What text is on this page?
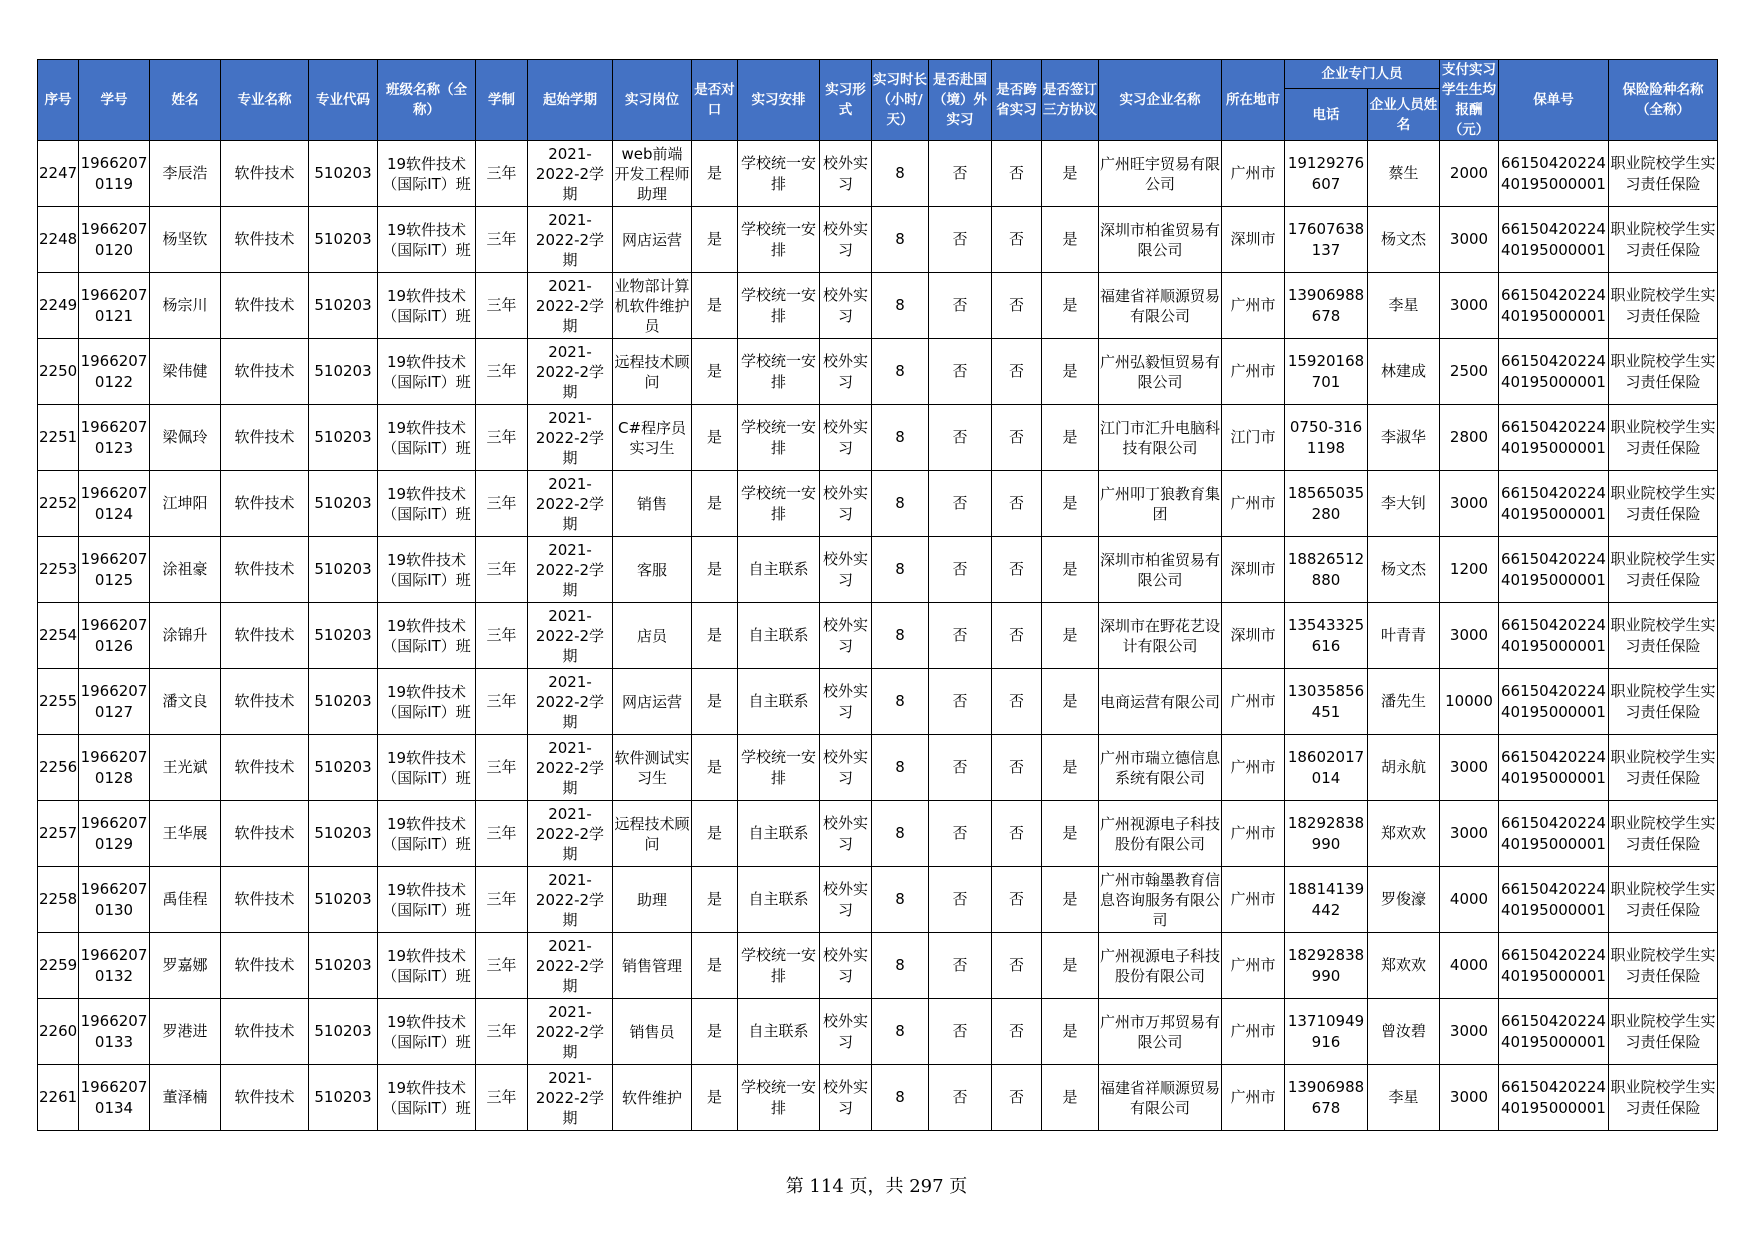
序号	学号	姓名	专业名称	专业代码	班级名称（全称）	学制	起始学期	实习岗位	是否对口	实习安排	实习形式	实习时长（小时/天）	是否赴国（境）外实习	是否跨省实习	是否签订三方协议	实习企业名称	所在地市	企业专门人员		支付实习学生生均报酬（元）	保单号	保险险种名称（全称）
																		电话	企业人员姓名			
2247	19662070119	李辰浩	软件技术	510203	19软件技术（国际IT）班	三年	2021-2022-2学期	web前端开发工程师助理	是	学校统一安排	校外实习	8	否	否	是	广州旺宇贸易有限公司	广州市	19129276607	蔡生	2000	6615042022440195000001	职业院校学生实习责任保险
2248	19662070120	杨坚钦	软件技术	510203	19软件技术（国际IT）班	三年	2021-2022-2学期	网店运营	是	学校统一安排	校外实习	8	否	否	是	深圳市柏雀贸易有限公司	深圳市	17607638137	杨文杰	3000	6615042022440195000001	职业院校学生实习责任保险
2249	19662070121	杨宗川	软件技术	510203	19软件技术（国际IT）班	三年	2021-2022-2学期	业物部计算机软件维护员	是	学校统一安排	校外实习	8	否	否	是	福建省祥顺源贸易有限公司	广州市	13906988678	李星	3000	6615042022440195000001	职业院校学生实习责任保险
2250	19662070122	梁伟健	软件技术	510203	19软件技术（国际IT）班	三年	2021-2022-2学期	远程技术顾问	是	学校统一安排	校外实习	8	否	否	是	广州弘毅恒贸易有限公司	广州市	15920168701	林建成	2500	6615042022440195000001	职业院校学生实习责任保险
2251	19662070123	梁佩玲	软件技术	510203	19软件技术（国际IT）班	三年	2021-2022-2学期	C#程序员实习生	是	学校统一安排	校外实习	8	否	否	是	江门市汇升电脑科技有限公司	江门市	0750-3161198	李淑华	2800	6615042022440195000001	职业院校学生实习责任保险
2252	19662070124	江坤阳	软件技术	510203	19软件技术（国际IT）班	三年	2021-2022-2学期	销售	是	学校统一安排	校外实习	8	否	否	是	广州叩丁狼教育集团	广州市	18565035280	李大钊	3000	6615042022440195000001	职业院校学生实习责任保险
2253	19662070125	涂祖豪	软件技术	510203	19软件技术（国际IT）班	三年	2021-2022-2学期	客服	是	自主联系	校外实习	8	否	否	是	深圳市柏雀贸易有限公司	深圳市	18826512880	杨文杰	1200	6615042022440195000001	职业院校学生实习责任保险
2254	19662070126	涂锦升	软件技术	510203	19软件技术（国际IT）班	三年	2021-2022-2学期	店员	是	自主联系	校外实习	8	否	否	是	深圳市在野花艺设计有限公司	深圳市	13543325616	叶青青	3000	6615042022440195000001	职业院校学生实习责任保险
2255	19662070127	潘文良	软件技术	510203	19软件技术（国际IT）班	三年	2021-2022-2学期	网店运营	是	自主联系	校外实习	8	否	否	是	电商运营有限公司	广州市	13035856451	潘先生	10000	6615042022440195000001	职业院校学生实习责任保险
2256	19662070128	王光斌	软件技术	510203	19软件技术（国际IT）班	三年	2021-2022-2学期	软件测试实习生	是	学校统一安排	校外实习	8	否	否	是	广州市瑞立德信息系统有限公司	广州市	18602017014	胡永航	3000	6615042022440195000001	职业院校学生实习责任保险
2257	19662070129	王华展	软件技术	510203	19软件技术（国际IT）班	三年	2021-2022-2学期	远程技术顾问	是	自主联系	校外实习	8	否	否	是	广州视源电子科技股份有限公司	广州市	18292838990	郑欢欢	3000	6615042022440195000001	职业院校学生实习责任保险
2258	19662070130	禹佳程	软件技术	510203	19软件技术（国际IT）班	三年	2021-2022-2学期	助理	是	自主联系	校外实习	8	否	否	是	广州市翰墨教育信息咨询服务有限公司	广州市	18814139442	罗俊濠	4000	6615042022440195000001	职业院校学生实习责任保险
2259	19662070132	罗嘉娜	软件技术	510203	19软件技术（国际IT）班	三年	2021-2022-2学期	销售管理	是	学校统一安排	校外实习	8	否	否	是	广州视源电子科技股份有限公司	广州市	18292838990	郑欢欢	4000	6615042022440195000001	职业院校学生实习责任保险
2260	19662070133	罗港进	软件技术	510203	19软件技术（国际IT）班	三年	2021-2022-2学期	销售员	是	自主联系	校外实习	8	否	否	是	广州市万邦贸易有限公司	广州市	13710949916	曾汝碧	3000	6615042022440195000001	职业院校学生实习责任保险
2261	19662070134	董泽楠	软件技术	510203	19软件技术（国际IT）班	三年	2021-2022-2学期	软件维护	是	学校统一安排	校外实习	8	否	否	是	福建省祥顺源贸易有限公司	广州市	13906988678	李星	3000	6615042022440195000001	职业院校学生实习责任保险
第 114 页，共 297 页
